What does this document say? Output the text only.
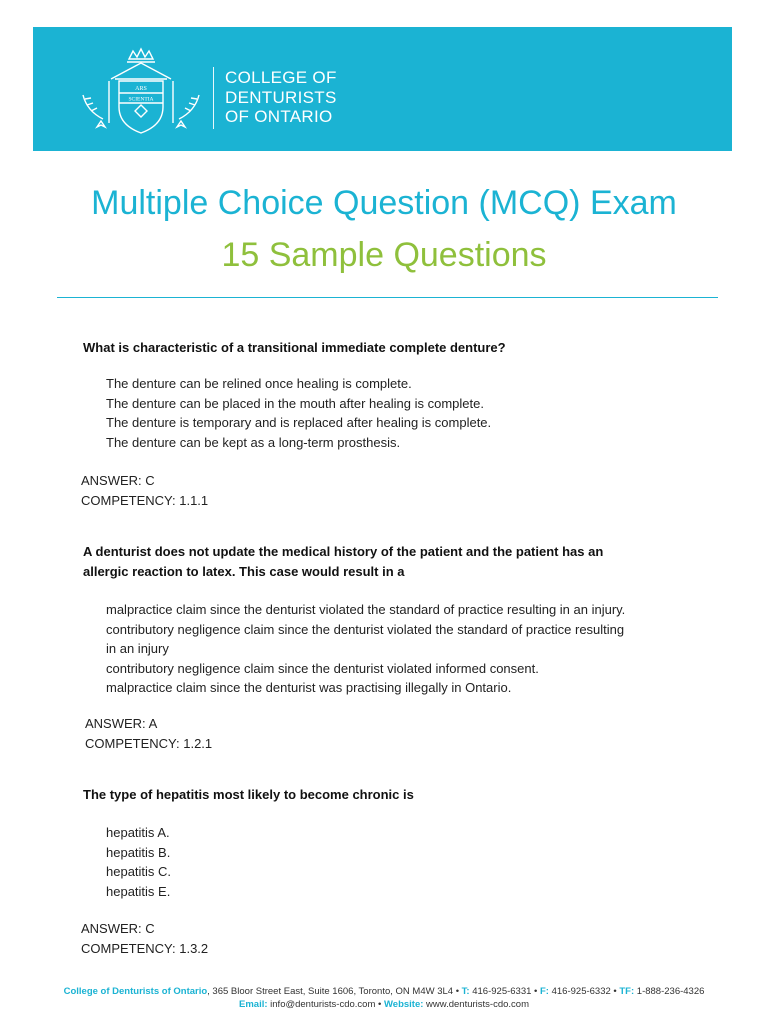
ARS
SCIENTIA
COLLEGE OF
DENTURISTS
OF ONTARIO
Multiple Choice Question (MCQ) Exam
15 Sample Questions
What is characteristic of a transitional immediate complete denture?
The denture can be relined once healing is complete.
The denture can be placed in the mouth after healing is complete.
The denture is temporary and is replaced after healing is complete.
The denture can be kept as a long-term prosthesis.
ANSWER: C
COMPETENCY: 1.1.1
A denturist does not update the medical history of the patient and the patient has an
allergic reaction to latex. This case would result in a
malpractice claim since the denturist violated the standard of practice resulting in an injury.
contributory negligence claim since the denturist violated the standard of practice resulting
in an injury
contributory negligence claim since the denturist violated informed consent.
malpractice claim since the denturist was practising illegally in Ontario.
ANSWER: A
COMPETENCY: 1.2.1
The type of hepatitis most likely to become chronic is
hepatitis A.
hepatitis B.
hepatitis C.
hepatitis E.
ANSWER: C
COMPETENCY: 1.3.2
College of Denturists of Ontario, 365 Bloor Street East, Suite 1606, Toronto, ON M4W 3L4 • T: 416-925-6331 • F: 416-925-6332 • TF: 1-888-236-4326
Email: info@denturists-cdo.com • Website: www.denturists-cdo.com
